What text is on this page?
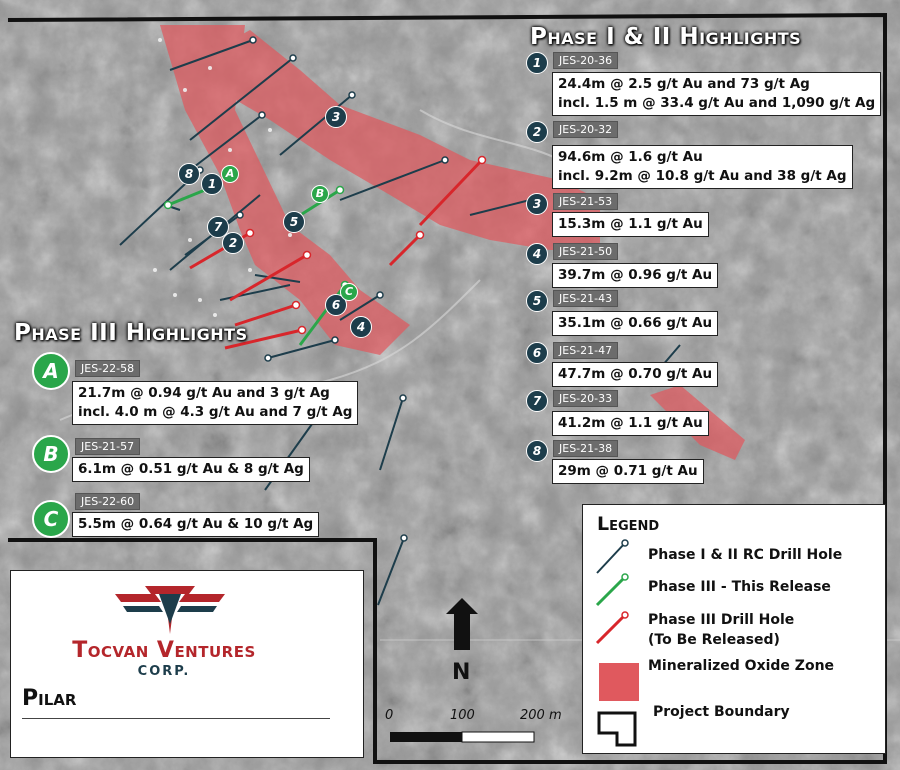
1
2
3
4
5
6
7
8	A
B
C
Phase I & II Highlights
1	JES-20-36
24.4m @ 2.5 g/t Au and 73 g/t Ag
incl. 1.5 m @ 33.4 g/t Au and 1,090 g/t Ag
2	JES-20-32
94.6m @ 1.6 g/t Au
incl. 9.2m @ 10.8 g/t Au and 38 g/t Ag
3	JES-21-53
15.3m @ 1.1 g/t Au
4	JES-21-50
39.7m @ 0.96 g/t Au
5	JES-21-43
35.1m @ 0.66 g/t Au
6	JES-21-47
47.7m @ 0.70 g/t Au
7	JES-20-33
41.2m @ 1.1 g/t Au
8	JES-21-38
29m @ 0.71 g/t Au
Phase III Highlights
A	JES-22-58
21.7m @ 0.94 g/t Au and 3 g/t Ag
incl. 4.0 m @ 4.3 g/t Au and 7 g/t Ag
B	JES-21-57
6.1m @ 0.51 g/t Au & 8 g/t Ag
C
JES-22-60
5.5m @ 0.64 g/t Au & 10 g/t Ag	Legend
Phase I & II RC Drill Hole
Phase III - This Release
Phase III Drill Hole
(To Be Released)
Mineralized Oxide Zone
Project Boundary
Tocvan Ventures
CORP.
Pilar
N
0	100	200 m
